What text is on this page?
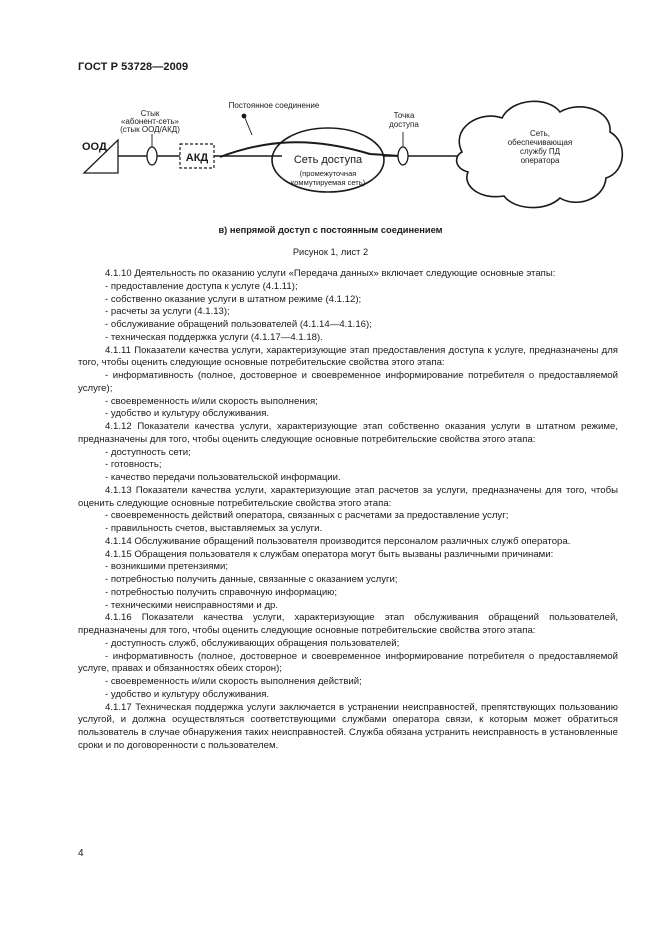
ГОСТ Р 53728—2009
ООД
Стык
«абонент-сеть»
(стык ООД/АКД)
АКД
Постоянное соединение
Сеть доступа
(промежуточная
коммутируемая сеть)
Точка
доступа
Сеть,
обеспечивающая
службу ПД
оператора
в) непрямой доступ с постоянным соединением
Рисунок 1, лист 2

4.1.10 Деятельность по оказанию услуги «Передача данных» включает следующие основные этапы:

- предоставление доступа к услуге (4.1.11);

- собственно оказание услуги в штатном режиме (4.1.12);

- расчеты за услуги (4.1.13);

- обслуживание обращений пользователей (4.1.14—4.1.16);

- техническая поддержка услуги (4.1.17—4.1.18).

4.1.11 Показатели качества услуги, характеризующие этап предоставления доступа к услуге, предназначены для того, чтобы оценить следующие основные потребительские свойства этого этапа:

- информативность (полное, достоверное и своевременное информирование потребителя о предоставляемой услуге);

- своевременность и/или скорость выполнения;

- удобство и культуру обслуживания.

4.1.12 Показатели качества услуги, характеризующие этап собственно оказания услуги в штатном режиме, предназначены для того, чтобы оценить следующие основные потребительские свойства этого этапа:

- доступность сети;

- готовность;

- качество передачи пользовательской информации.

4.1.13 Показатели качества услуги, характеризующие этап расчетов за услуги, предназначены для того, чтобы оценить следующие основные потребительские свойства этого этапа:

- своевременность действий оператора, связанных с расчетами за предоставление услуг;

- правильность счетов, выставляемых за услуги.

4.1.14 Обслуживание обращений пользователя производится персоналом различных служб оператора.

4.1.15 Обращения пользователя к службам оператора могут быть вызваны различными причинами:

- возникшими претензиями;

- потребностью получить данные, связанные с оказанием услуги;

- потребностью получить справочную информацию;

- техническими неисправностями и др.

4.1.16 Показатели качества услуги, характеризующие этап обслуживания обращений пользователей, предназначены для того, чтобы оценить следующие основные потребительские свойства этого этапа:

- доступность служб, обслуживающих обращения пользователей;

- информативность (полное, достоверное и своевременное информирование потребителя о предоставляемой услуге, правах и обязанностях обеих сторон);

- своевременность и/или скорость выполнения действий;

- удобство и культуру обслуживания.

4.1.17 Техническая поддержка услуги заключается в устранении неисправностей, препятствующих пользованию услугой, и должна осуществляться соответствующими службами оператора связи, к которым может обратиться пользователь в случае обнаружения таких неисправностей. Служба обязана устранить неисправность в установленные сроки и по договоренности с пользователем.

4
